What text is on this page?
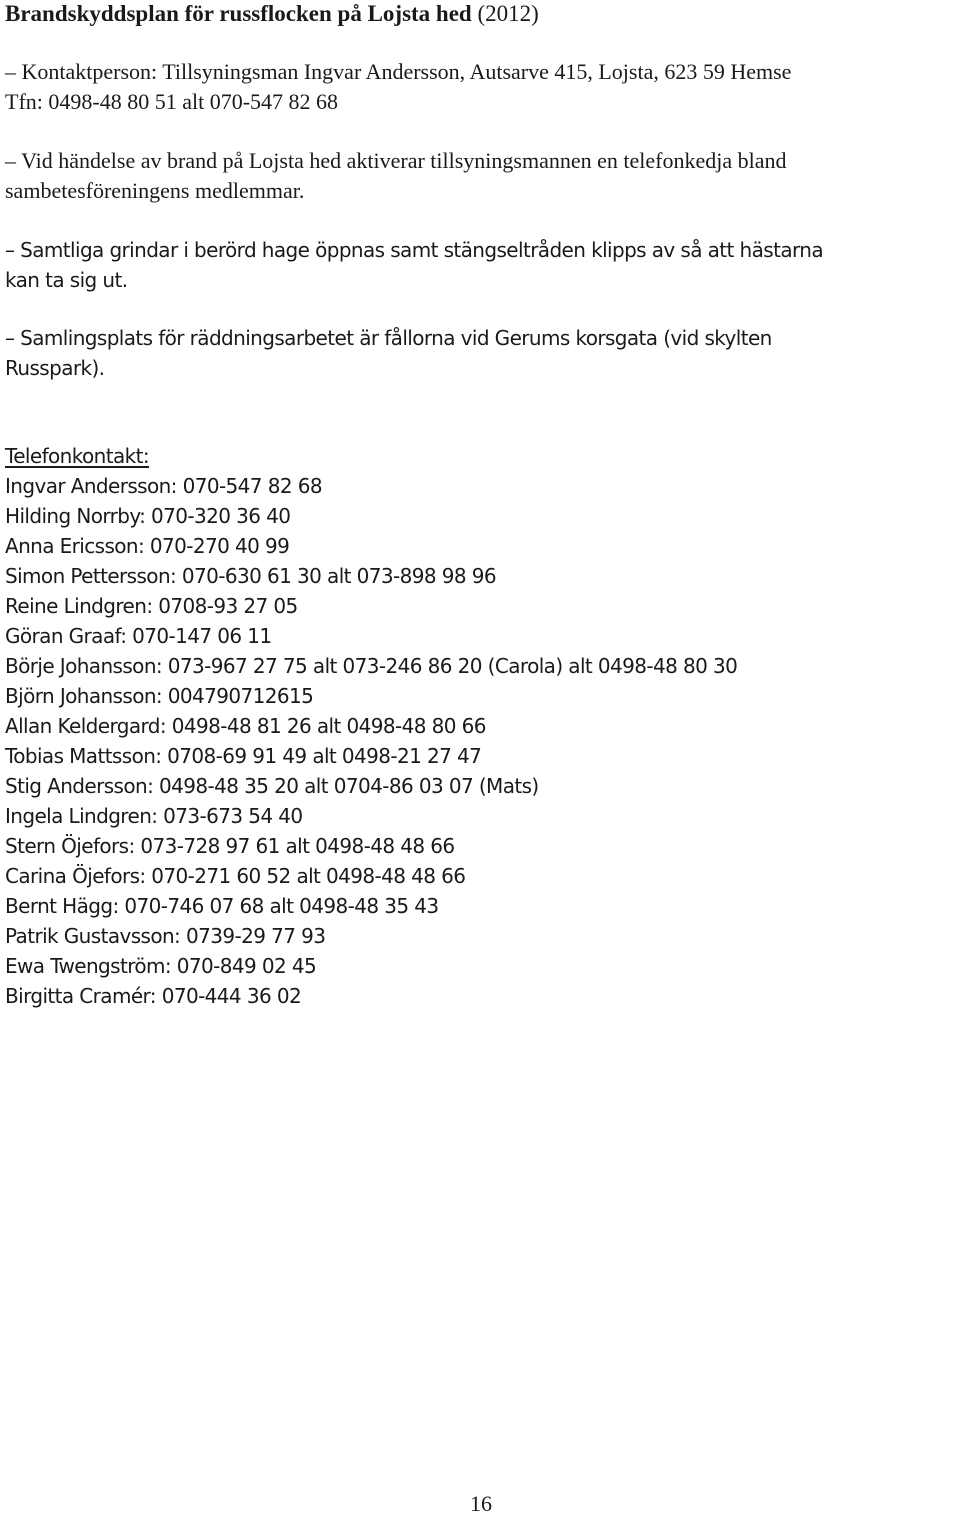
Brandskyddsplan för russflocken på Lojsta hed (2012)
– Kontaktperson: Tillsyningsman Ingvar Andersson, Autsarve 415, Lojsta, 623 59 Hemse
Tfn: 0498-48 80 51 alt 070-547 82 68
– Vid händelse av brand på Lojsta hed aktiverar tillsyningsmannen en telefonkedja bland
sambetesföreningens medlemmar.
– Samtliga grindar i berörd hage öppnas samt stängseltråden klipps av så att hästarna
kan ta sig ut.
– Samlingsplats för räddningsarbetet är fållorna vid Gerums korsgata (vid skylten
Russpark).
Telefonkontakt:
Ingvar Andersson: 070-547 82 68
Hilding Norrby: 070-320 36 40
Anna Ericsson: 070-270 40 99
Simon Pettersson: 070-630 61 30 alt 073-898 98 96
Reine Lindgren: 0708-93 27 05
Göran Graaf: 070-147 06 11
Börje Johansson: 073-967 27 75 alt 073-246 86 20 (Carola) alt 0498-48 80 30
Björn Johansson: 004790712615
Allan Keldergard: 0498-48 81 26 alt 0498-48 80 66
Tobias Mattsson: 0708-69 91 49 alt 0498-21 27 47
Stig Andersson: 0498-48 35 20 alt 0704-86 03 07 (Mats)
Ingela Lindgren: 073-673 54 40
Stern Öjefors: 073-728 97 61 alt 0498-48 48 66
Carina Öjefors: 070-271 60 52 alt 0498-48 48 66
Bernt Hägg: 070-746 07 68 alt 0498-48 35 43
Patrik Gustavsson: 0739-29 77 93
Ewa Twengström: 070-849 02 45
Birgitta Cramér: 070-444 36 02
16
